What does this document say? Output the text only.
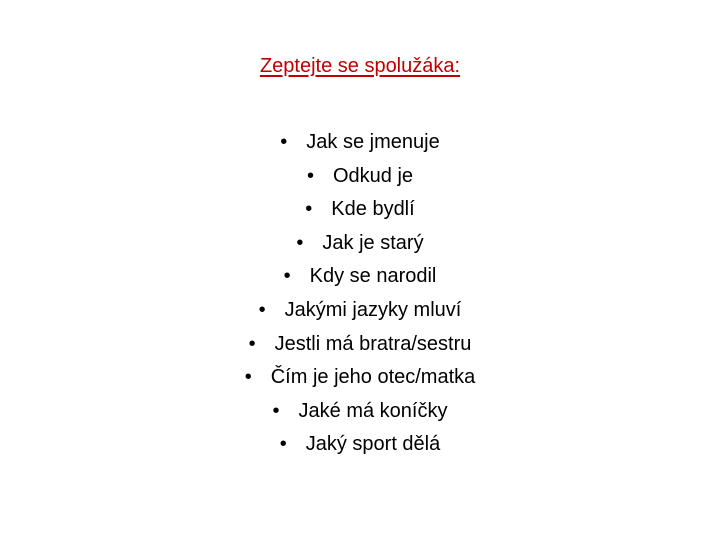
Zeptejte se spolužáka:
• Jak se jmenuje
• Odkud je
• Kde bydlí
• Jak je starý
• Kdy se narodil
• Jakými jazyky mluví
• Jestli má bratra/sestru
• Čím je jeho otec/matka
• Jaké má koníčky
• Jaký sport dělá
